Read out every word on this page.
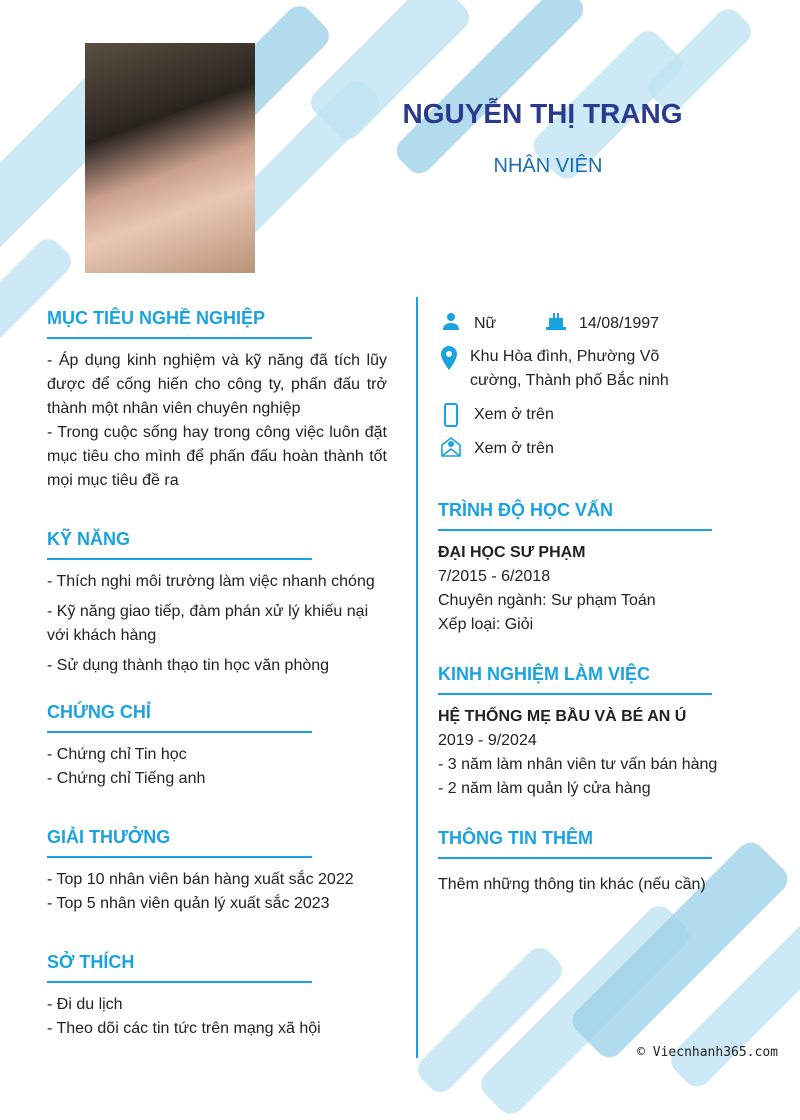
NGUYỄN THỊ TRANG
NHÂN VIÊN
MỤC TIÊU NGHỀ NGHIỆP
- Áp dụng kinh nghiệm và kỹ năng đã tích lũy được để cống hiến cho công ty, phấn đấu trở thành một nhân viên chuyên nghiệp
- Trong cuộc sống hay trong công việc luôn đặt mục tiêu cho mình để phấn đấu hoàn thành tốt mọi mục tiêu đề ra
KỸ NĂNG
- Thích nghi môi trường làm việc nhanh chóng
- Kỹ năng giao tiếp, đàm phán xử lý khiếu nại với khách hàng
- Sử dụng thành thạo tin học văn phòng
CHỨNG CHỈ
- Chứng chỉ Tin học
- Chứng chỉ Tiếng anh
GIẢI THƯỞNG
- Top 10 nhân viên bán hàng xuất sắc 2022
- Top 5 nhân viên quản lý xuất sắc 2023
SỞ THÍCH
- Đi du lịch
- Theo dõi các tin tức trên mạng xã hội
Nữ	14/08/1997
Khu Hòa đình, Phường Võ cường, Thành phố Bắc ninh
Xem ở trên
Xem ở trên
TRÌNH ĐỘ HỌC VẤN
ĐẠI HỌC SƯ PHẠM
7/2015 - 6/2018
Chuyên ngành: Sư phạm Toán
Xếp loại: Giỏi
KINH NGHIỆM LÀM VIỆC
HỆ THỐNG MẸ BẦU VÀ BÉ AN Ú
2019 - 9/2024
- 3 năm làm nhân viên tư vấn bán hàng
- 2 năm làm quản lý cửa hàng
THÔNG TIN THÊM
Thêm những thông tin khác (nếu cần)
© Viecnhanh365.com
